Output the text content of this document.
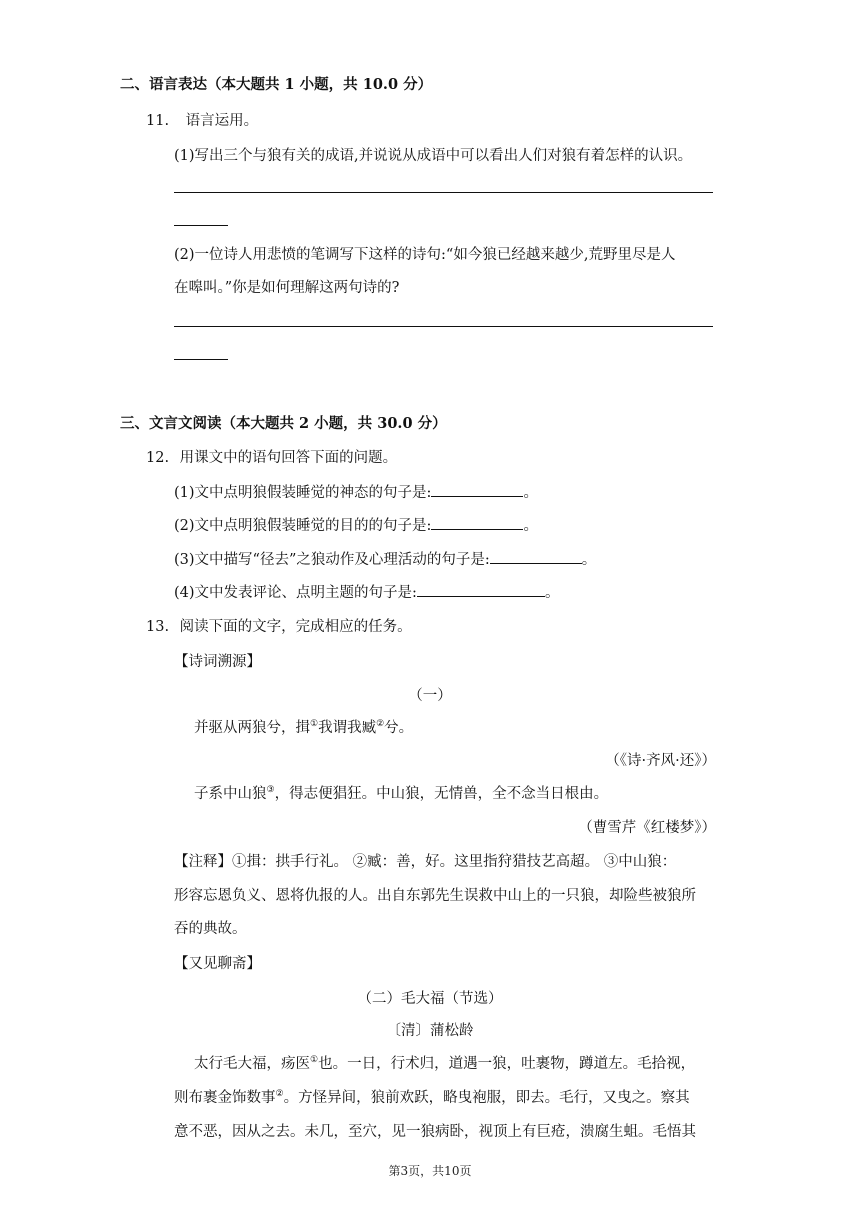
二、语言表达（本大题共 1 小题，共 10.0 分）
11. 语言运用。
(1)写出三个与狼有关的成语,并说说从成语中可以看出人们对狼有着怎样的认识。
(2)一位诗人用悲愤的笔调写下这样的诗句:“如今狼已经越来越少,荒野里尽是人
在嗥叫。”你是如何理解这两句诗的?
三、文言文阅读（本大题共 2 小题，共 30.0 分）
12. 用课文中的语句回答下面的问题。
(1)文中点明狼假装睡觉的神态的句子是:	。
(2)文中点明狼假装睡觉的目的的句子是:	。
(3)文中描写“径去”之狼动作及心理活动的句子是:	。
(4)文中发表评论、点明主题的句子是:	。
13. 阅读下面的文字，完成相应的任务。
【诗词溯源】
（一）
并驱从两狼兮，揖①我谓我臧②兮。
（《诗·齐风·还》）
子系中山狼③，得志便猖狂。中山狼，无情兽，全不念当日根由。
（曹雪芹《红楼梦》）
【注释】①揖：拱手行礼。 ②臧：善，好。这里指狩猎技艺高超。 ③中山狼：
形容忘恩负义、恩将仇报的人。出自东郭先生误救中山上的一只狼，却险些被狼所
吞的典故。
【又见聊斋】
（二）毛大福（节选）
〔清〕蒲松龄
太行毛大福，疡医①也。一日，行术归，道遇一狼，吐裹物，蹲道左。毛拾视，
则布裹金饰数事②。方怪异间，狼前欢跃，略曳袍服，即去。毛行，又曳之。察其
意不恶，因从之去。未几，至穴，见一狼病卧，视顶上有巨疮，溃腐生蛆。毛悟其
第3页，共10页
